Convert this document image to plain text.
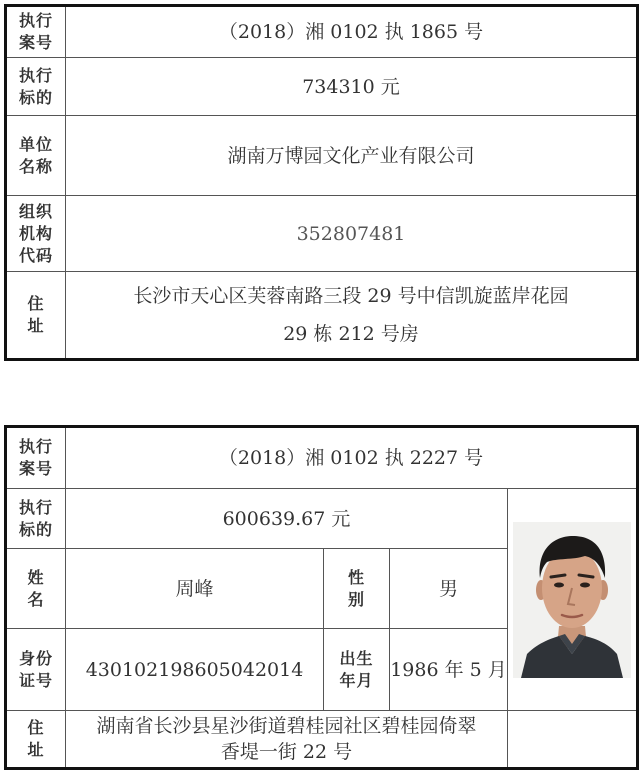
执行
案号	（2018）湘 0102 执 1865 号

执行
标的	734310 元

单位
名称	湖南万博园文化产业有限公司

组织
机构
代码	352807481

住
址	长沙市天心区芙蓉南路三段 29 号中信凯旋蓝岸花园
29 栋 212 号房
执行
案号	（2018）湘 0102 执 2227 号			

执行
标的	600639.67 元	

姓
名	周峰	性
别	男	

身份
证号	430102198605042014	出生
年月	1986 年 5 月	

住
址	湖南省长沙县星沙街道碧桂园社区碧桂园倚翠
香堤一街 22 号			
